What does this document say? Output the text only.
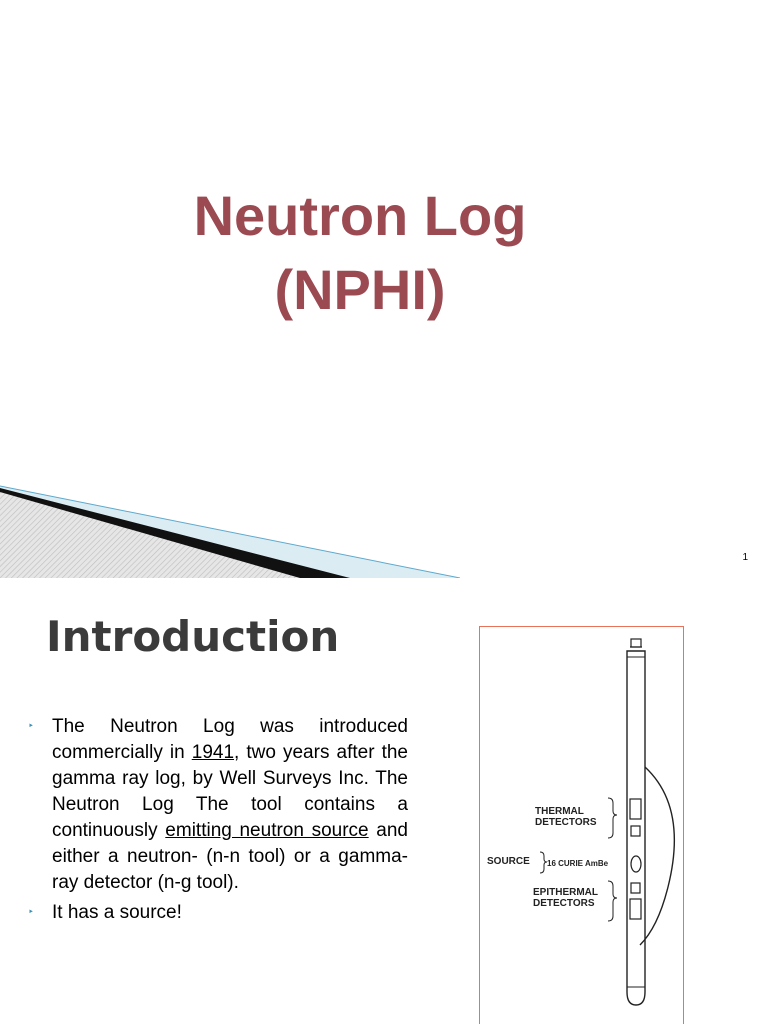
Neutron Log
(NPHI)
1
Introduction
‣ The Neutron Log was introduced commercially in 1941, two years after the gamma ray log, by Well Surveys Inc. The Neutron Log The tool contains a continuously emitting neutron source and either a neutron- (n-n tool) or a gamma-ray detector (n-g tool).
‣ It has a source!
THERMAL
DETECTORS
SOURCE 16 CURIE AmBe
EPITHERMAL
DETECTORS
